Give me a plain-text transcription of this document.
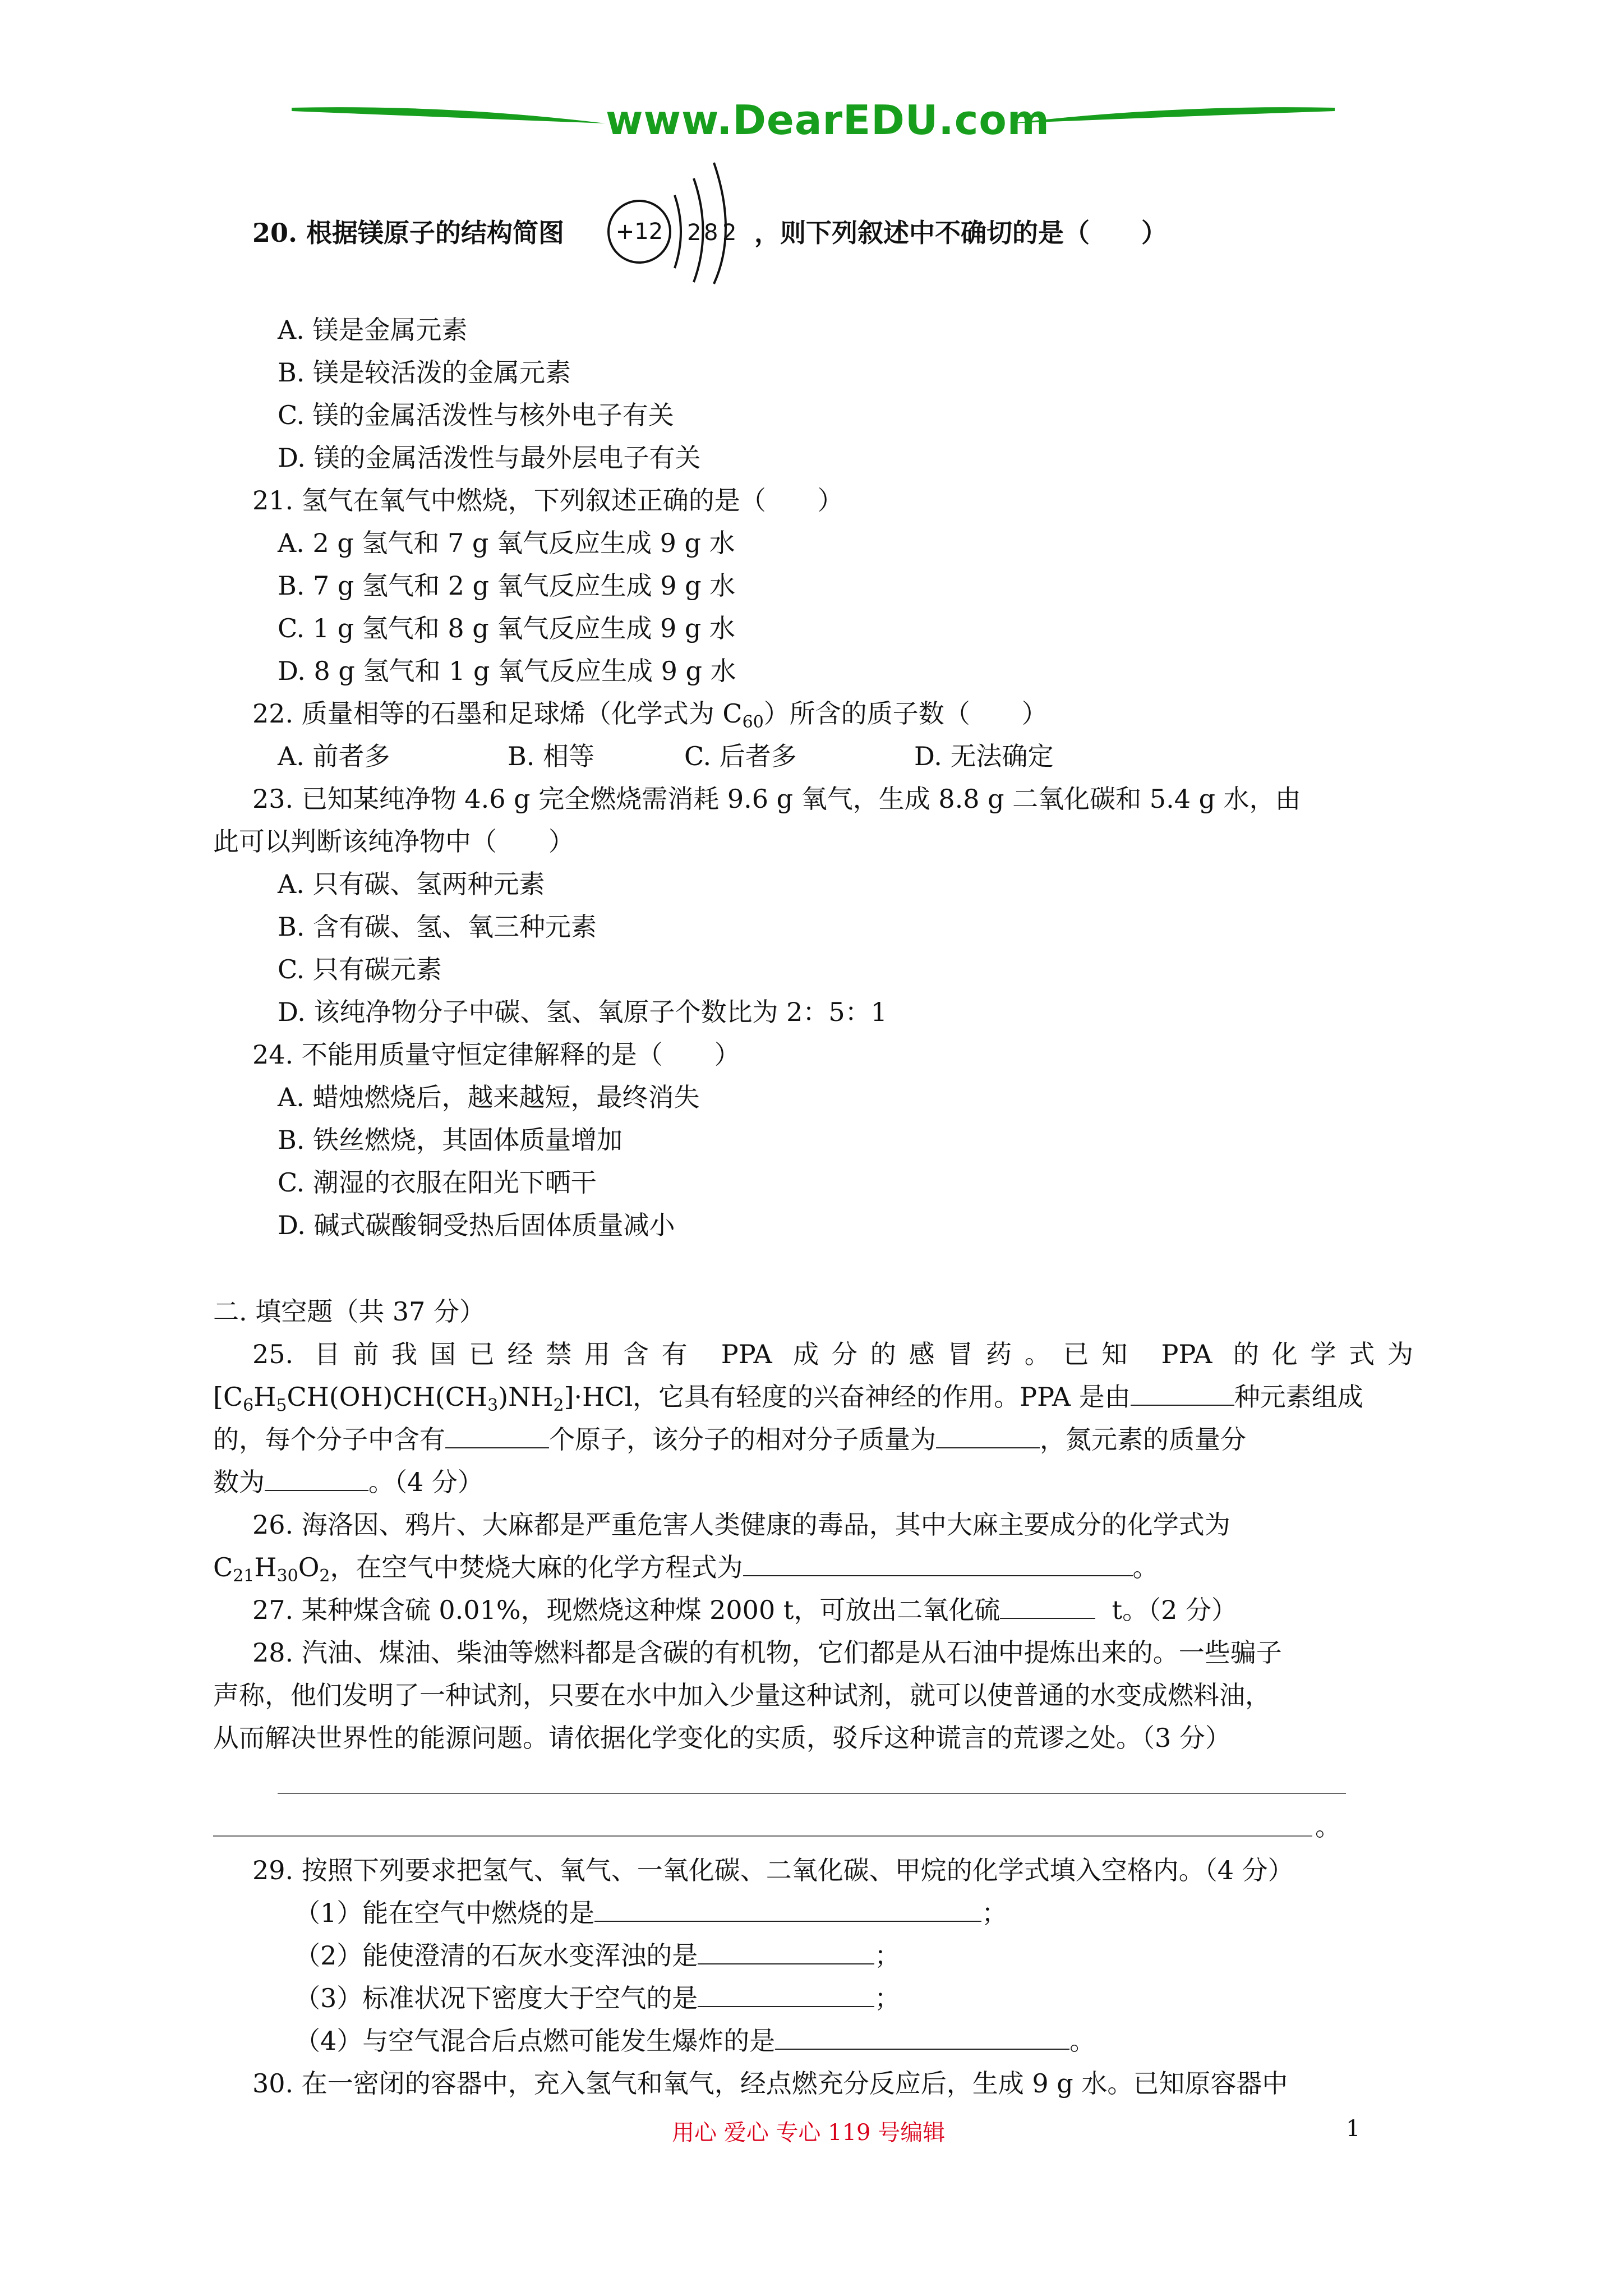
www.DearEDU.com
20. 根据镁原子的结构简图 +12 2 8 2 ，则下列叙述中不确切的是（　　）
A. 镁是金属元素
B. 镁是较活泼的金属元素
C. 镁的金属活泼性与核外电子有关
D. 镁的金属活泼性与最外层电子有关
21. 氢气在氧气中燃烧，下列叙述正确的是（　　）
A. 2 g 氢气和 7 g 氧气反应生成 9 g 水
B. 7 g 氢气和 2 g 氧气反应生成 9 g 水
C. 1 g 氢气和 8 g 氧气反应生成 9 g 水
D. 8 g 氢气和 1 g 氧气反应生成 9 g 水
22. 质量相等的石墨和足球烯（化学式为 $C_{60}$）所含的质子数（　　）
A. 前者多	B. 相等	C. 后者多	D. 无法确定
23. 已知某纯净物 4.6 g 完全燃烧需消耗 9.6 g 氧气，生成 8.8 g 二氧化碳和 5.4 g 水，由
此可以判断该纯净物中（　　）
A. 只有碳、氢两种元素
B. 含有碳、氢、氧三种元素
C. 只有碳元素
D. 该纯净物分子中碳、氢、氧原子个数比为 2：5：1
24. 不能用质量守恒定律解释的是（　　）
A. 蜡烛燃烧后，越来越短，最终消失
B. 铁丝燃烧，其固体质量增加
C. 潮湿的衣服在阳光下晒干
D. 碱式碳酸铜受热后固体质量减小
二. 填空题（共 37 分）
25. 目前我国已经禁用含有 PPA 成分的感冒药。已知 PPA 的化学式为
$[C_6H_5CH(OH)CH(CH_3)NH_2]\cdot HCl$，它具有轻度的兴奋神经的作用。PPA 是由	种元素组成
的，每个分子中含有	个原子，该分子的相对分子质量为	，氮元素的质量分
数为	。（4 分）
26. 海洛因、鸦片、大麻都是严重危害人类健康的毒品，其中大麻主要成分的化学式为
$C_{21}H_{30}O_2$，在空气中焚烧大麻的化学方程式为	。
27. 某种煤含硫 0.01%，现燃烧这种煤 2000 t，可放出二氧化硫	t。（2 分）
28. 汽油、煤油、柴油等燃料都是含碳的有机物，它们都是从石油中提炼出来的。一些骗子
声称，他们发明了一种试剂，只要在水中加入少量这种试剂，就可以使普通的水变成燃料油，
从而解决世界性的能源问题。请依据化学变化的实质，驳斥这种谎言的荒谬之处。（3 分）
。
29. 按照下列要求把氢气、氧气、一氧化碳、二氧化碳、甲烷的化学式填入空格内。（4 分）
（1）能在空气中燃烧的是	；
（2）能使澄清的石灰水变浑浊的是	；
（3）标准状况下密度大于空气的是	；
（4）与空气混合后点燃可能发生爆炸的是	。
30. 在一密闭的容器中，充入氢气和氧气，经点燃充分反应后，生成 9 g 水。已知原容器中
用心 爱心 专心 119 号编辑	1
